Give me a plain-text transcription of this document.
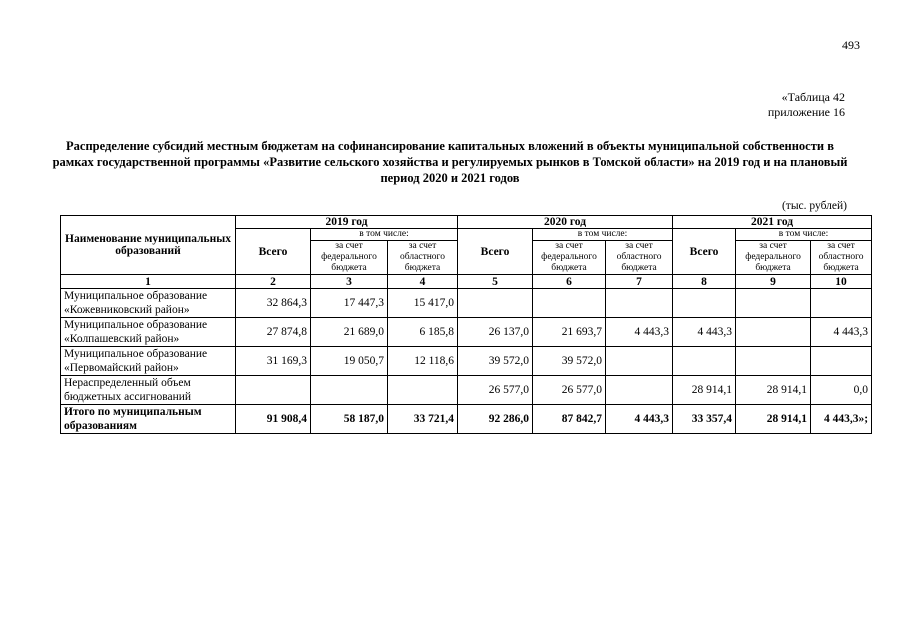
493
«Таблица 42
приложение 16
Распределение субсидий местным бюджетам на софинансирование капитальных вложений в объекты муниципальной собственности в рамках государственной программы «Развитие сельского хозяйства и регулируемых рынков в Томской области» на 2019 год и на плановый период 2020 и 2021 годов
(тыс. рублей)
Наименование муниципальных образований	2019 год			2020 год			2021 год		
	Всего	в том числе:		Всего	в том числе:		Всего	в том числе:	
		за счет федерального бюджета	за счет областного бюджета		за счет федерального бюджета	за счет областного бюджета		за счет федерального бюджета	за счет областного бюджета
1	2	3	4	5	6	7	8	9	10
Муниципальное образование «Кожевниковский район»	32 864,3	17 447,3	15 417,0						
Муниципальное образование «Колпашевский район»	27 874,8	21 689,0	6 185,8	26 137,0	21 693,7	4 443,3	4 443,3		4 443,3
Муниципальное образование «Первомайский район»	31 169,3	19 050,7	12 118,6	39 572,0	39 572,0				
Нераспределенный объем бюджетных ассигнований				26 577,0	26 577,0		28 914,1	28 914,1	0,0
Итого по муниципальным образованиям	91 908,4	58 187,0	33 721,4	92 286,0	87 842,7	4 443,3	33 357,4	28 914,1	4 443,3»;
